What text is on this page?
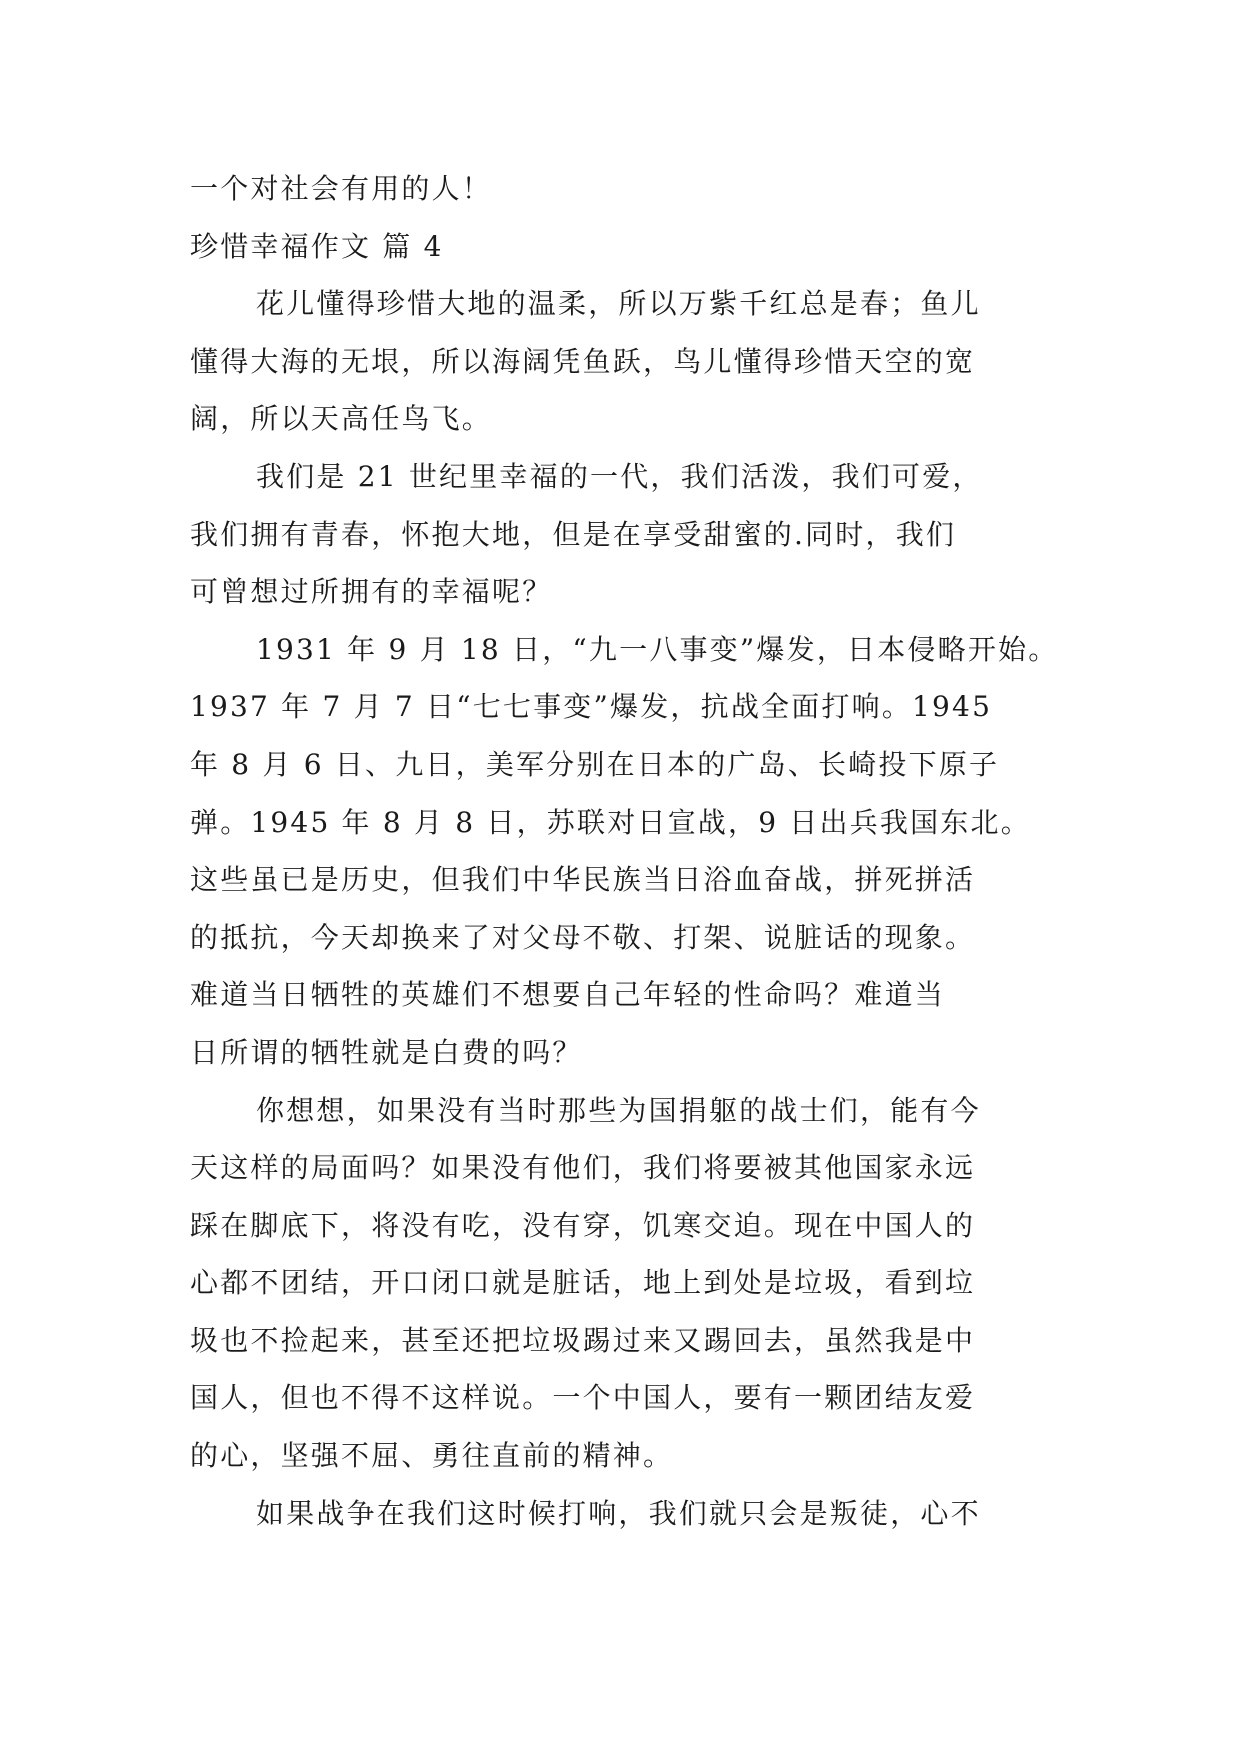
一个对社会有用的人！
珍惜幸福作文 篇 4
花儿懂得珍惜大地的温柔，所以万紫千红总是春；鱼儿
懂得大海的无垠，所以海阔凭鱼跃，鸟儿懂得珍惜天空的宽
阔，所以天高任鸟飞。
我们是 21 世纪里幸福的一代，我们活泼，我们可爱，
我们拥有青春，怀抱大地，但是在享受甜蜜的.同时，我们
可曾想过所拥有的幸福呢？
1931 年 9 月 18 日，“九一八事变”爆发，日本侵略开始。
1937 年 7 月 7 日“七七事变”爆发，抗战全面打响。1945
年 8 月 6 日、九日，美军分别在日本的广岛、长崎投下原子
弹。1945 年 8 月 8 日，苏联对日宣战，9 日出兵我国东北。
这些虽已是历史，但我们中华民族当日浴血奋战，拼死拼活
的抵抗，今天却换来了对父母不敬、打架、说脏话的现象。
难道当日牺牲的英雄们不想要自己年轻的性命吗？难道当
日所谓的牺牲就是白费的吗？
你想想，如果没有当时那些为国捐躯的战士们，能有今
天这样的局面吗？如果没有他们，我们将要被其他国家永远
踩在脚底下，将没有吃，没有穿，饥寒交迫。现在中国人的
心都不团结，开口闭口就是脏话，地上到处是垃圾，看到垃
圾也不捡起来，甚至还把垃圾踢过来又踢回去，虽然我是中
国人，但也不得不这样说。一个中国人，要有一颗团结友爱
的心，坚强不屈、勇往直前的精神。
如果战争在我们这时候打响，我们就只会是叛徒，心不
